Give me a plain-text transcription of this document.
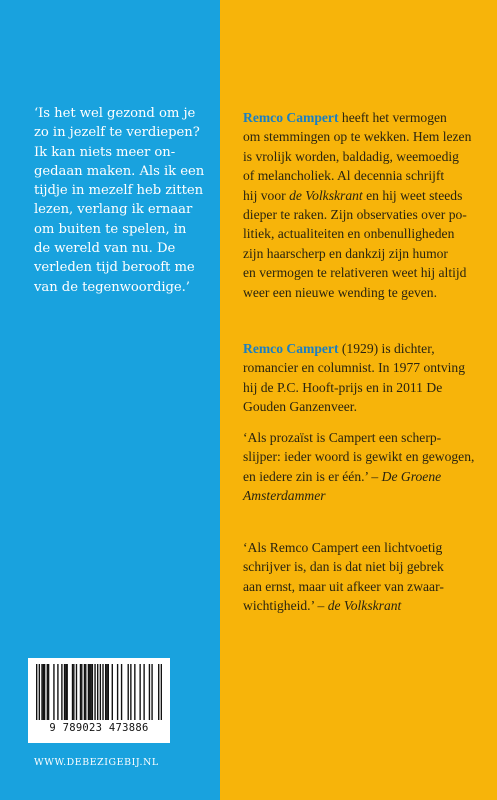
‘Is het wel gezond om je
zo in jezelf te verdiepen?
Ik kan niets meer on-
gedaan maken. Als ik een
tijdje in mezelf heb zitten
lezen, verlang ik ernaar
om buiten te spelen, in
de wereld van nu. De
verleden tijd berooft me
van de tegenwoordige.’
Remco Campert heeft het vermogen
om stemmingen op te wekken. Hem lezen
is vrolijk worden, baldadig, weemoedig
of melancholiek. Al decennia schrijft
hij voor de Volkskrant en hij weet steeds
dieper te raken. Zijn observaties over po-
litiek, actualiteiten en onbenulligheden
zijn haarscherp en dankzij zijn humor
en vermogen te relativeren weet hij altijd
weer een nieuwe wending te geven.
Remco Campert (1929) is dichter,
romancier en columnist. In 1977 ontving
hij de P.C. Hooft-prijs en in 2011 De
Gouden Ganzenveer.
‘Als prozaïst is Campert een scherp-
slijper: ieder woord is gewikt en gewogen,
en iedere zin is er één.’ – De Groene
Amsterdammer
‘Als Remco Campert een lichtvoetig
schrijver is, dan is dat niet bij gebrek
aan ernst, maar uit afkeer van zwaar-
wichtigheid.’ – de Volkskrant
9 789023 473886
WWW.DEBEZIGEBIJ.NL
